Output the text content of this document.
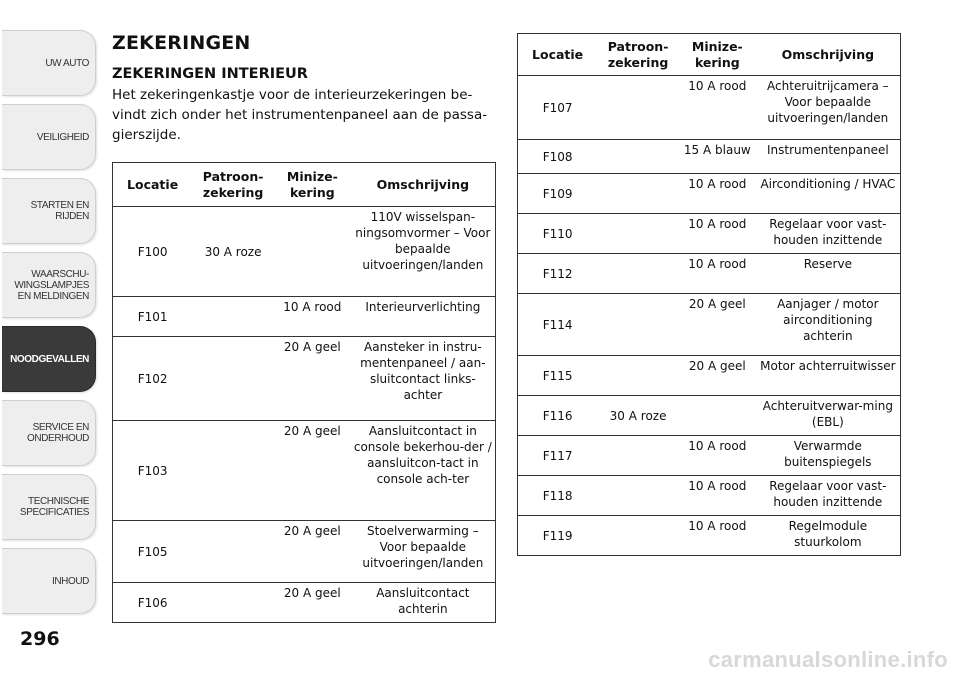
UW AUTO
VEILIGHEID
STARTEN EN
RIJDEN
WAARSCHU-
WINGSLAMPJES
EN MELDINGEN
NOODGEVALLEN
SERVICE EN
ONDERHOUD
TECHNISCHE
SPECIFICATIES
INHOUD
296
ZEKERINGEN
ZEKERINGEN INTERIEUR
Het zekeringenkastje voor de interieurzekeringen be-vindt zich onder het instrumentenpaneel aan de passa-gierszijde.
Locatie	Patroon-zekering	Minize-kering	Omschrijving
F100	30 A roze		110V wisselspan-ningsomvormer – Voor bepaalde uitvoeringen/landen
F101		10 A rood	Interieurverlichting
F102		20 A geel	Aansteker in instru-mentenpaneel / aan-sluitcontact links-achter
F103		20 A geel	Aansluitcontact in console bekerhou-der / aansluitcon-tact in console ach-ter
F105		20 A geel	Stoelverwarming – Voor bepaalde uitvoeringen/landen
F106		20 A geel	Aansluitcontact achterin
Locatie	Patroon-zekering	Minize-kering	Omschrijving
F107		10 A rood	Achteruitrijcamera – Voor bepaalde uitvoeringen/landen
F108		15 A blauw	Instrumentenpaneel
F109		10 A rood	Airconditioning / HVAC
F110		10 A rood	Regelaar voor vast-houden inzittende
F112		10 A rood	Reserve
F114		20 A geel	Aanjager / motor airconditioning achterin
F115		20 A geel	Motor achterruitwisser
F116	30 A roze		Achteruitverwar-ming (EBL)
F117		10 A rood	Verwarmde buitenspiegels
F118		10 A rood	Regelaar voor vast-houden inzittende
F119		10 A rood	Regelmodule stuurkolom
carmanualsonline.info
